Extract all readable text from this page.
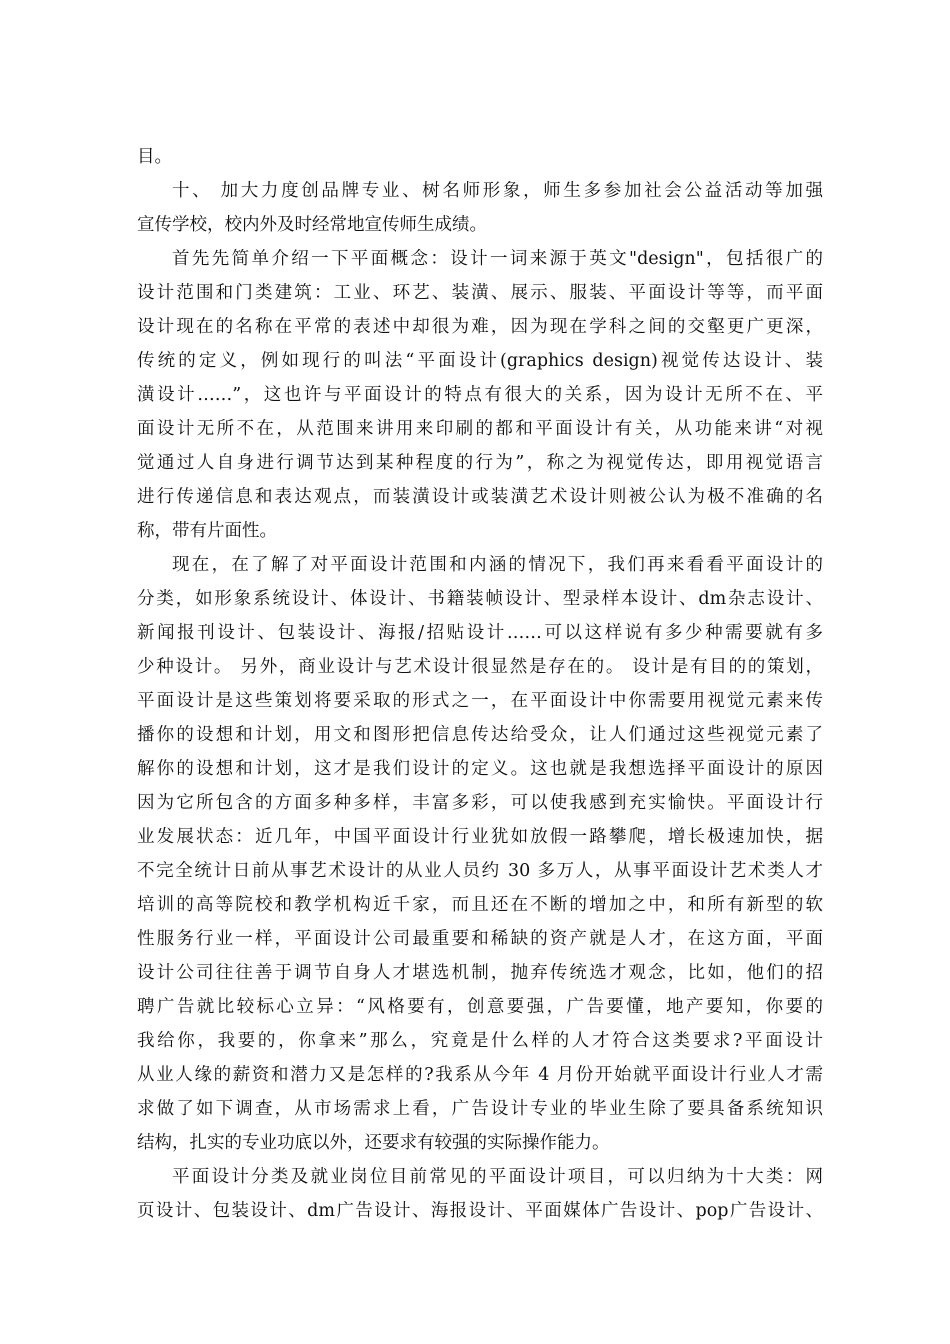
目。
十、 加大力度创品牌专业、树名师形象，师生多参加社会公益活动等加强
宣传学校，校内外及时经常地宣传师生成绩。
首先先简单介绍一下平面概念：设计一词来源于英文"design"，包括很广的
设计范围和门类建筑：工业、环艺、装潢、展示、服装、平面设计等等，而平面
设计现在的名称在平常的表述中却很为难，因为现在学科之间的交壑更广更深，
传统的定义，例如现行的叫法“平面设计(graphics design)视觉传达设计、装
潢设计……”，这也许与平面设计的特点有很大的关系，因为设计无所不在、平
面设计无所不在，从范围来讲用来印刷的都和平面设计有关，从功能来讲“对视
觉通过人自身进行调节达到某种程度的行为”，称之为视觉传达，即用视觉语言
进行传递信息和表达观点，而装潢设计或装潢艺术设计则被公认为极不准确的名
称，带有片面性。
现在，在了解了对平面设计范围和内涵的情况下，我们再来看看平面设计的
分类，如形象系统设计、体设计、书籍装帧设计、型录样本设计、dm杂志设计、
新闻报刊设计、包装设计、海报/招贴设计……可以这样说有多少种需要就有多
少种设计。 另外，商业设计与艺术设计很显然是存在的。 设计是有目的的策划，
平面设计是这些策划将要采取的形式之一，在平面设计中你需要用视觉元素来传
播你的设想和计划，用文和图形把信息传达给受众，让人们通过这些视觉元素了
解你的设想和计划，这才是我们设计的定义。这也就是我想选择平面设计的原因
因为它所包含的方面多种多样，丰富多彩，可以使我感到充实愉快。平面设计行
业发展状态：近几年，中国平面设计行业犹如放假一路攀爬，增长极速加快，据
不完全统计日前从事艺术设计的从业人员约 30 多万人，从事平面设计艺术类人才
培训的高等院校和教学机构近千家，而且还在不断的增加之中，和所有新型的软
性服务行业一样，平面设计公司最重要和稀缺的资产就是人才，在这方面，平面
设计公司往往善于调节自身人才堪选机制，抛弃传统选才观念，比如，他们的招
聘广告就比较标心立异：“风格要有，创意要强，广告要懂，地产要知，你要的
我给你，我要的，你拿来”那么，究竟是什么样的人才符合这类要求?平面设计
从业人缘的薪资和潜力又是怎样的?我系从今年 4 月份开始就平面设计行业人才需
求做了如下调查，从市场需求上看，广告设计专业的毕业生除了要具备系统知识
结构，扎实的专业功底以外，还要求有较强的实际操作能力。
平面设计分类及就业岗位目前常见的平面设计项目，可以归纳为十大类：网
页设计、包装设计、dm广告设计、海报设计、平面媒体广告设计、pop广告设计、
